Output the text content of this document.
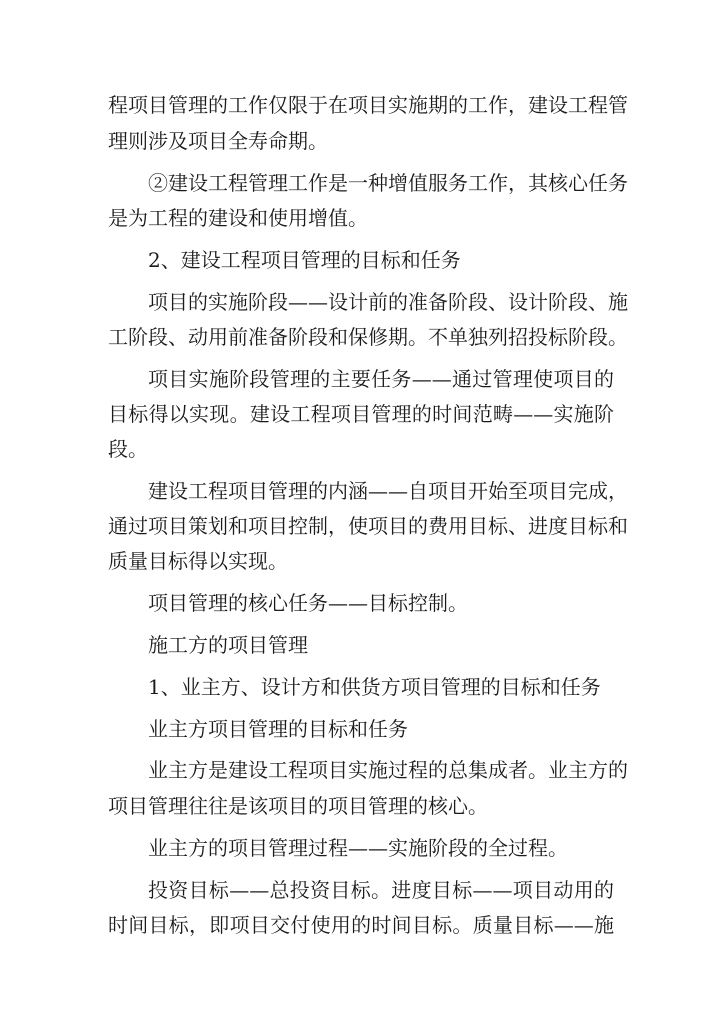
程项目管理的工作仅限于在项目实施期的工作，建设工程管
理则涉及项目全寿命期。
②建设工程管理工作是一种增值服务工作，其核心任务
是为工程的建设和使用增值。
2、建设工程项目管理的目标和任务
项目的实施阶段——设计前的准备阶段、设计阶段、施
工阶段、动用前准备阶段和保修期。不单独列招投标阶段。
项目实施阶段管理的主要任务——通过管理使项目的
目标得以实现。建设工程项目管理的时间范畴——实施阶
段。
建设工程项目管理的内涵——自项目开始至项目完成，
通过项目策划和项目控制，使项目的费用目标、进度目标和
质量目标得以实现。
项目管理的核心任务——目标控制。
施工方的项目管理
1、业主方、设计方和供货方项目管理的目标和任务
业主方项目管理的目标和任务
业主方是建设工程项目实施过程的总集成者。业主方的
项目管理往往是该项目的项目管理的核心。
业主方的项目管理过程——实施阶段的全过程。
投资目标——总投资目标。进度目标——项目动用的
时间目标，即项目交付使用的时间目标。质量目标——施
